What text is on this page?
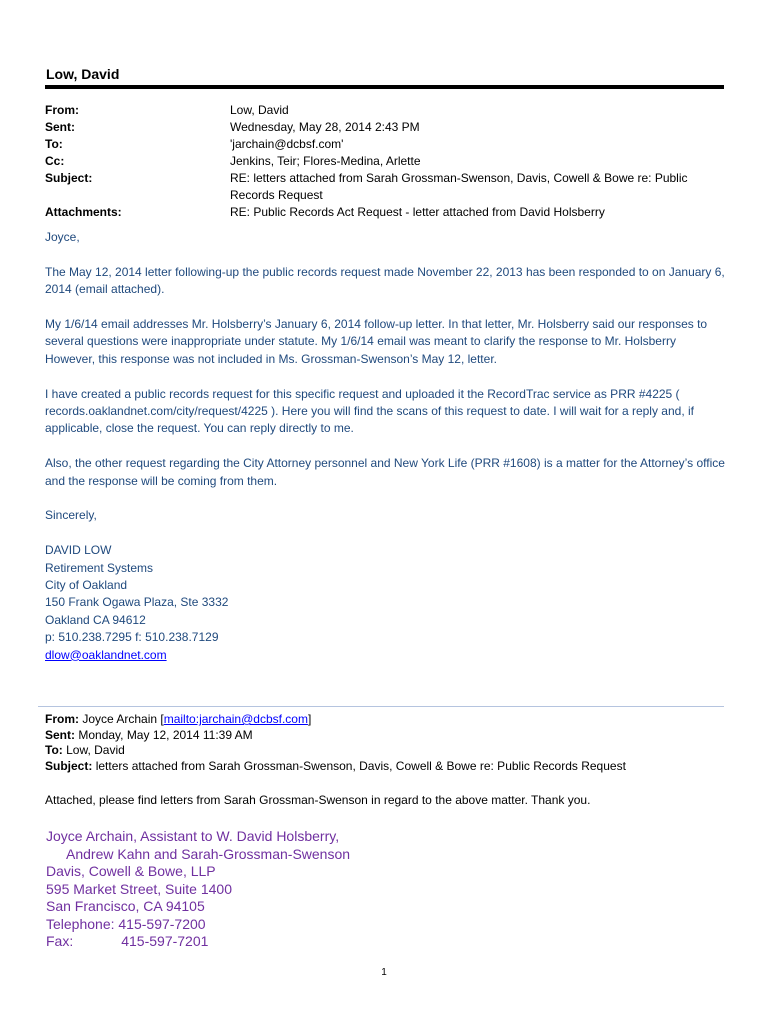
Low, David
From:	Low, David
Sent:	Wednesday, May 28, 2014 2:43 PM
To:	'jarchain@dcbsf.com'
Cc:	Jenkins, Teir; Flores-Medina, Arlette
Subject:	RE: letters attached from Sarah Grossman-Swenson, Davis, Cowell & Bowe re: Public Records Request
Attachments:	RE: Public Records Act Request - letter attached from David Holsberry

Joyce,

The May 12, 2014 letter following-up the public records request made November 22, 2013 has been responded to on January 6, 2014 (email attached).

My 1/6/14 email addresses Mr. Holsberry’s January 6, 2014 follow-up letter. In that letter, Mr. Holsberry said our responses to several questions were inappropriate under statute. My 1/6/14 email was meant to clarify the response to Mr. Holsberry However, this response was not included in Ms. Grossman-Swenson’s May 12, letter.

I have created a public records request for this specific request and uploaded it the RecordTrac service as PRR #4225 ( records.oaklandnet.com/city/request/4225 ). Here you will find the scans of this request to date. I will wait for a reply and, if applicable, close the request. You can reply directly to me.

Also, the other request regarding the City Attorney personnel and New York Life (PRR #1608) is a matter for the Attorney’s office and the response will be coming from them.

Sincerely,

DAVID LOW
Retirement Systems
City of Oakland
150 Frank Ogawa Plaza, Ste 3332
Oakland CA 94612
p: 510.238.7295 f: 510.238.7129
dlow@oaklandnet.com
From: Joyce Archain [mailto:jarchain@dcbsf.com]
Sent: Monday, May 12, 2014 11:39 AM
To: Low, David
Subject: letters attached from Sarah Grossman-Swenson, Davis, Cowell & Bowe re: Public Records Request
Attached, please find letters from Sarah Grossman-Swenson in regard to the above matter. Thank you.
Joyce Archain, Assistant to W. David Holsberry,
Andrew Kahn and Sarah-Grossman-Swenson
Davis, Cowell & Bowe, LLP
595 Market Street, Suite 1400
San Francisco, CA 94105
Telephone: 415-597-7200
Fax:	415-597-7201
1
